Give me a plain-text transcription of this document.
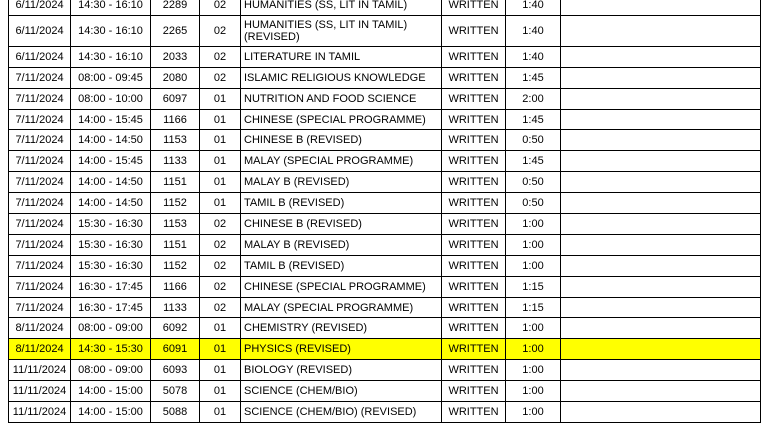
6/11/2024	14:30 - 16:10	2289	02	HUMANITIES (SS, LIT IN TAMIL)	WRITTEN	1:40	
6/11/2024	14:30 - 16:10	2265	02	HUMANITIES (SS, LIT IN TAMIL)(REVISED)	WRITTEN	1:40	
6/11/2024	14:30 - 16:10	2033	02	LITERATURE IN TAMIL	WRITTEN	1:40	
7/11/2024	08:00 - 09:45	2080	02	ISLAMIC RELIGIOUS KNOWLEDGE	WRITTEN	1:45	
7/11/2024	08:00 - 10:00	6097	01	NUTRITION AND FOOD SCIENCE	WRITTEN	2:00	
7/11/2024	14:00 - 15:45	1166	01	CHINESE (SPECIAL PROGRAMME)	WRITTEN	1:45	
7/11/2024	14:00 - 14:50	1153	01	CHINESE B (REVISED)	WRITTEN	0:50	
7/11/2024	14:00 - 15:45	1133	01	MALAY (SPECIAL PROGRAMME)	WRITTEN	1:45	
7/11/2024	14:00 - 14:50	1151	01	MALAY B (REVISED)	WRITTEN	0:50	
7/11/2024	14:00 - 14:50	1152	01	TAMIL B (REVISED)	WRITTEN	0:50	
7/11/2024	15:30 - 16:30	1153	02	CHINESE B (REVISED)	WRITTEN	1:00	
7/11/2024	15:30 - 16:30	1151	02	MALAY B (REVISED)	WRITTEN	1:00	
7/11/2024	15:30 - 16:30	1152	02	TAMIL B (REVISED)	WRITTEN	1:00	
7/11/2024	16:30 - 17:45	1166	02	CHINESE (SPECIAL PROGRAMME)	WRITTEN	1:15	
7/11/2024	16:30 - 17:45	1133	02	MALAY (SPECIAL PROGRAMME)	WRITTEN	1:15	
8/11/2024	08:00 - 09:00	6092	01	CHEMISTRY (REVISED)	WRITTEN	1:00	
8/11/2024	14:30 - 15:30	6091	01	PHYSICS (REVISED)	WRITTEN	1:00	
11/11/2024	08:00 - 09:00	6093	01	BIOLOGY (REVISED)	WRITTEN	1:00	
11/11/2024	14:00 - 15:00	5078	01	SCIENCE (CHEM/BIO)	WRITTEN	1:00	
11/11/2024	14:00 - 15:00	5088	01	SCIENCE (CHEM/BIO) (REVISED)	WRITTEN	1:00	
